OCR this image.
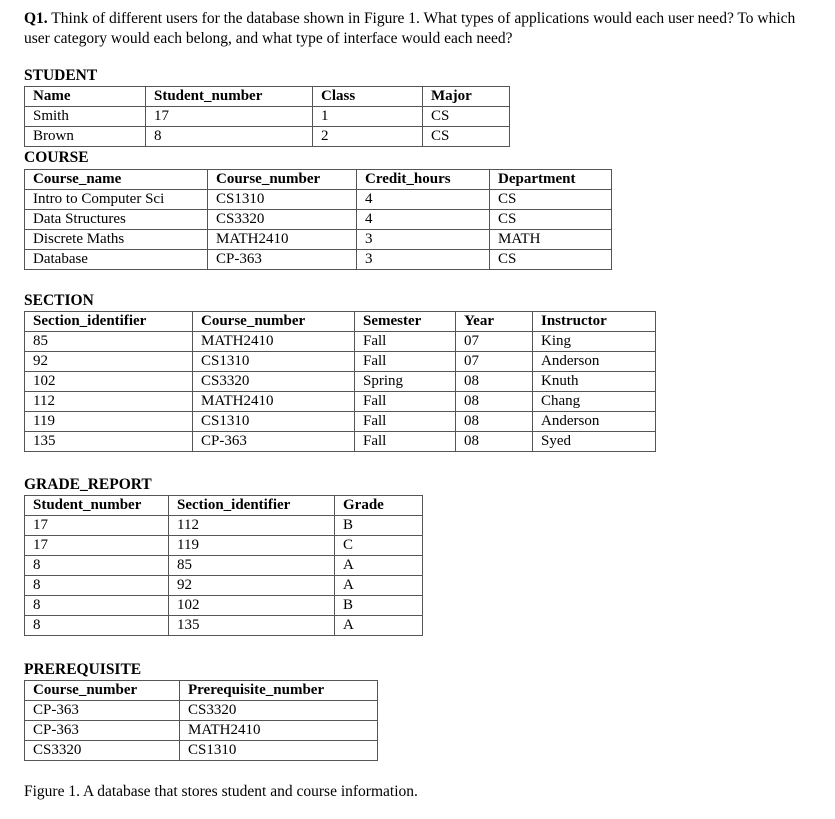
Q1. Think of different users for the database shown in Figure 1. What types of applications would each user need? To which user category would each belong, and what type of interface would each need?
STUDENT
Name	Student_number	Class	Major
Smith	17	1	CS
Brown	8	2	CS
COURSE
Course_name	Course_number	Credit_hours	Department
Intro to Computer Sci	CS1310	4	CS
Data Structures	CS3320	4	CS
Discrete Maths	MATH2410	3	MATH
Database	CP-363	3	CS
SECTION
Section_identifier	Course_number	Semester	Year	Instructor
85	MATH2410	Fall	07	King
92	CS1310	Fall	07	Anderson
102	CS3320	Spring	08	Knuth
112	MATH2410	Fall	08	Chang
119	CS1310	Fall	08	Anderson
135	CP-363	Fall	08	Syed
GRADE_REPORT
Student_number	Section_identifier	Grade
17	112	B
17	119	C
8	85	A
8	92	A
8	102	B
8	135	A
PREREQUISITE
Course_number	Prerequisite_number
CP-363	CS3320
CP-363	MATH2410
CS3320	CS1310
Figure 1. A database that stores student and course information.
